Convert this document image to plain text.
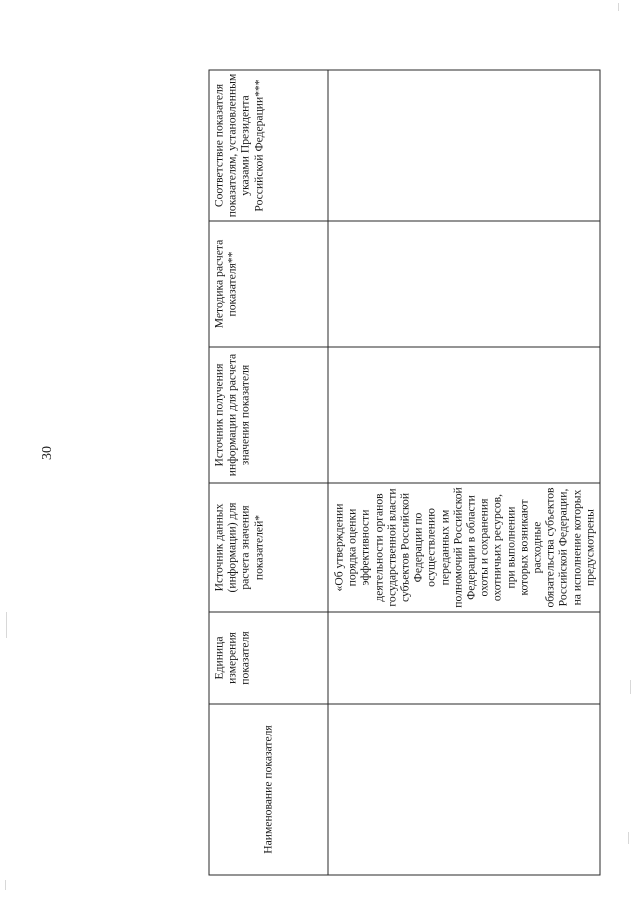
30
Наименование показателя	Единица измерения показателя	Источник данных (информации) для расчета значения показателей*	Источник получения информации для расчета значения показателя	Методика расчета показателя**	Соответствие показателя показателям, установленным указами Президента Российской Федерации***
		«Об утверждении порядка оценки эффективности деятельности органов государственной власти субъектов Российской Федерации по осуществлению переданных им полномочий Российской Федерации в области охоты и сохранения охотничьих ресурсов, при выполнении которых возникают расходные обязательства субъектов Российской Федерации, на исполнение которых предусмотрены			
